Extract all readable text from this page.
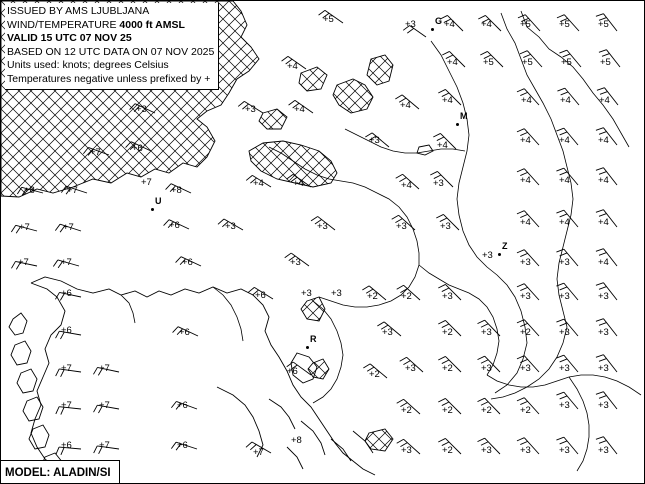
+5	+3	+4	+4	+5	+5	+5
+4	+4	+5	+5	+5	+5
+3	+3	+4	+4	+4	+4	+4	+4
+7	+6
+3	+4	+4	+4	+4
+8	+7
+7
+8
+4	+4	+4 +3	+4	+4	+4
+7	+7	+6	+3	+3	+3	+3	+4	+4	+4
+7	+7	+6	+3
+3
+3	+3	+4
+6	+6	+3 +3	+2 +2	+3	+3	+3	+3
+6	+6	+3	+2	+3	+2	+3	+3
+7	+7	+6	+2
+3	+2	+3	+3	+3	+3
+7	+7	+6	+2	+2	+2	+2	+3	+3
+6	+7	+6
+7
+8
+3	+2	+3	+3	+3	+3
G
M
U
Z
R
ISSUED BY AMS LJUBLJANA
WIND/TEMPERATURE 4000 ft AMSL
VALID 15 UTC 07 NOV 25
BASED ON 12 UTC DATA ON 07 NOV 2025
Units used: knots; degrees Celsius
Temperatures negative unless prefixed by +
MODEL: ALADIN/SI
